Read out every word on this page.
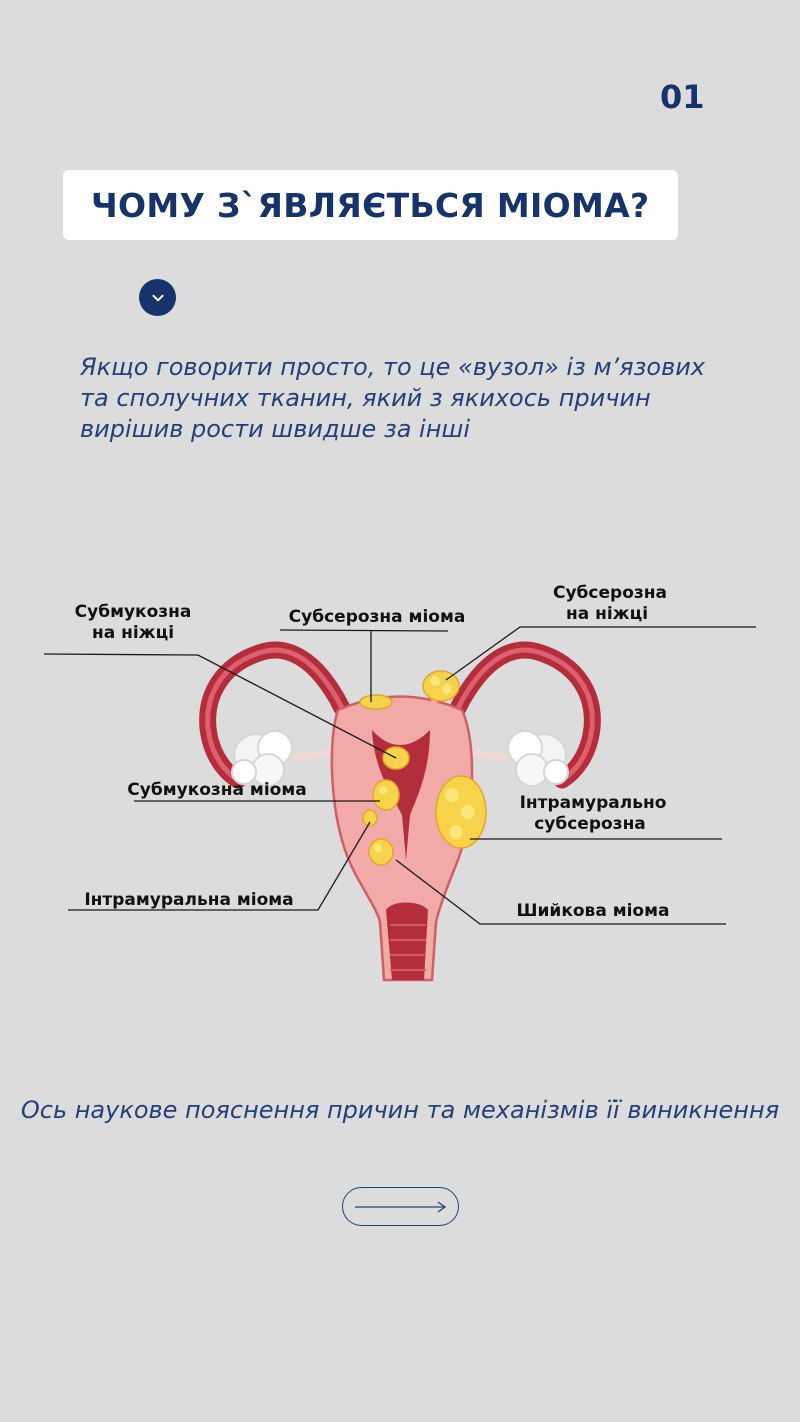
01
ЧОМУ З`ЯВЛЯЄТЬСЯ МІОМА?

Якщо говорити просто, то це «вузол» із м’язових та сполучних тканин, який з якихось причин вирішив рости швидше за інші

Субмукозна
на ніжці
Субсерозна міома
Субсерозна
на ніжці
Субмукозна міома
Інтрамурально
субсерозна
Інтрамуральна міома
Шийкова міома

Ось наукове пояснення причин та механізмів її виникнення
